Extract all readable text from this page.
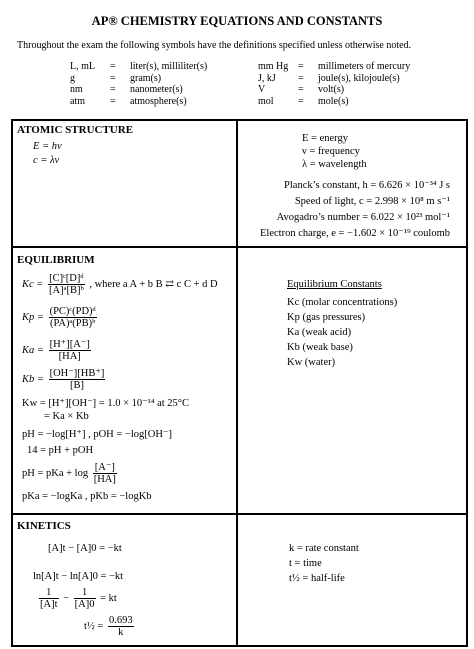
AP® CHEMISTRY EQUATIONS AND CONSTANTS
Throughout the exam the following symbols have the definitions specified unless otherwise noted.
L, mL	=	liter(s), milliliter(s)
g	=	gram(s)
nm	=	nanometer(s)
atm	=	atmosphere(s)
mm Hg =	millimeters of mercury
J, kJ	=	joule(s), kilojoule(s)
V	=	volt(s)
mol	=	mole(s)
ATOMIC STRUCTURE
E = hν
c = λν
E = energy
ν = frequency
λ = wavelength
Planck’s constant, h = 6.626 × 10⁻³⁴ J s
Speed of light, c = 2.998 × 10⁸ m s⁻¹
Avogadro’s number = 6.022 × 10²³ mol⁻¹
Electron charge, e = −1.602 × 10⁻¹⁹ coulomb
EQUILIBRIUM
$Kc = \frac{\text{[C]ᶜ[D]ᵈ}}{\text{[A]ᵃ[B]ᵇ}}$ , where a A + b B ⇄ c C + d D
$Kp = \frac{\text{(PC)ᶜ(PD)ᵈ}}{\text{(PA)ᵃ(PB)ᵇ}}$
$Ka = \frac{[H^+][A^-]}{[HA]}$
$Kb = \frac{[OH^-][HB^+]}{[B]}$
Kw = [H⁺][OH⁻] = 1.0 × 10⁻¹⁴ at 25°C
= Ka × Kb
pH = −log[H⁺] , pOH = −log[OH⁻]
14 = pH + pOH
pH = pKa + $\log \frac{[A^-]}{[HA]}$
pKa = −logKa , pKb = −logKb
Equilibrium Constants
Kc (molar concentrations)
Kp (gas pressures)
Ka (weak acid)
Kb (weak base)
Kw (water)
KINETICS
[A]t − [A]0 = −kt
ln[A]t − ln[A]0 = −kt
$\frac{1}{[A]t} - \frac{1}{[A]0}$ = kt
t½ = $\frac{0.693}{k}$
k = rate constant
t = time
t½ = half-life
